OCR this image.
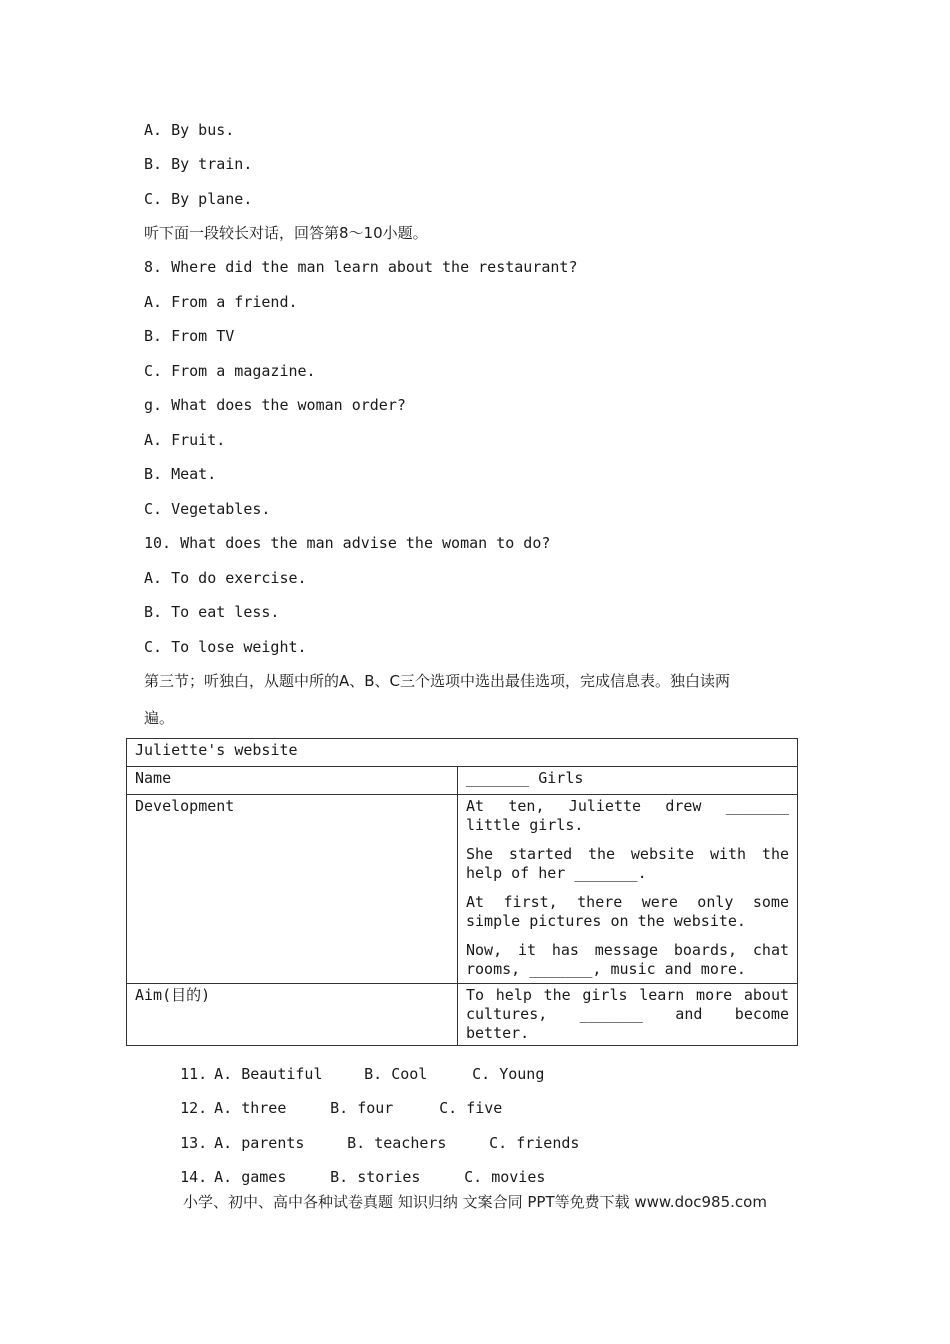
A. By bus.
B. By train.
C. By plane.
听下面一段较长对话，回答第8～10小题。
8. Where did the man learn about the restaurant?
A. From a friend.
B. From TV
C. From a magazine.
g. What does the woman order?
A. Fruit.
B. Meat.
C. Vegetables.
10. What does the man advise the woman to do?
A. To do exercise.
B. To eat less.
C. To lose weight.
第三节；听独白，从题中所的A、B、C三个选项中选出最佳选项，完成信息表。独白读两
遍。
Juliette's website	
Name	_______ Girls
Development	At ten, Juliette drew _______ little girls.

She started the website with the help of her _______.

At first, there were only some simple pictures on the website.

Now, it has message boards, chat rooms, _______, music and more.

Aim(目的)	To help the girls learn more about cultures, _______ and become better.

11. A. Beautiful	B. Cool	C. Young

12. A. three	B. four	C. five

13. A. parents	B. teachers	C. friends

14. A. games	B. stories	C. movies

小学、初中、高中各种试卷真题 知识归纳 文案合同 PPT等免费下载 www.doc985.com
